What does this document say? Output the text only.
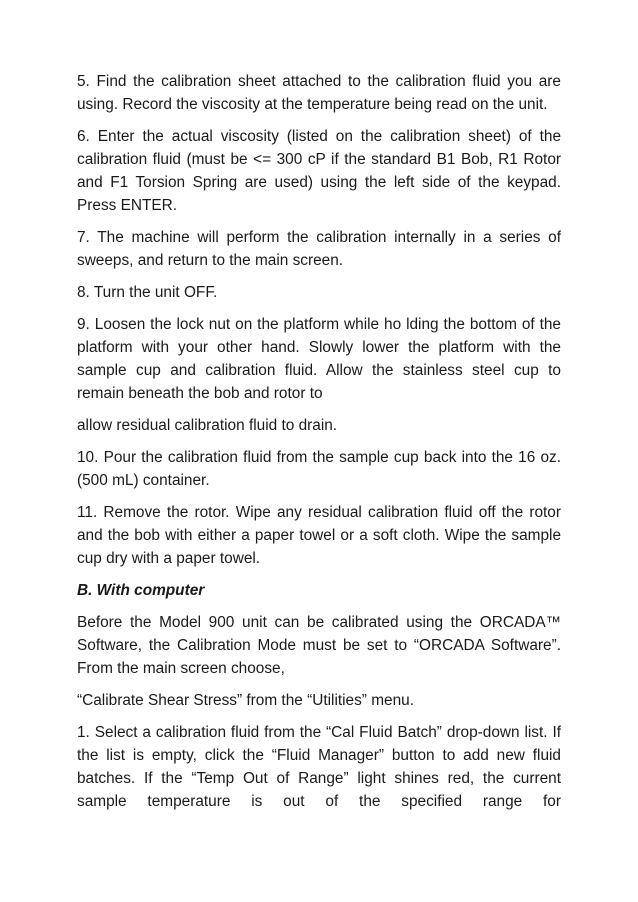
5. Find the calibration sheet attached to the calibration fluid you are using. Record the viscosity at the temperature being read on the unit.

6. Enter the actual viscosity (listed on the calibration sheet) of the calibration fluid (must be <= 300 cP if the standard B1 Bob, R1 Rotor and F1 Torsion Spring are used) using the left side of the keypad. Press ENTER.

7. The machine will perform the calibration internally in a series of sweeps, and return to the main screen.

8. Turn the unit OFF.

9. Loosen the lock nut on the platform while ho lding the bottom of the platform with your other hand. Slowly lower the platform with the sample cup and calibration fluid. Allow the stainless steel cup to remain beneath the bob and rotor to

allow residual calibration fluid to drain.

10. Pour the calibration fluid from the sample cup back into the 16 oz. (500 mL) container.

11. Remove the rotor. Wipe any residual calibration fluid off the rotor and the bob with either a paper towel or a soft cloth. Wipe the sample cup dry with a paper towel.

B. With computer

Before the Model 900 unit can be calibrated using the ORCADA™ Software, the Calibration Mode must be set to “ORCADA Software”. From the main screen choose,

“Calibrate Shear Stress” from the “Utilities” menu.

1. Select a calibration fluid from the “Cal Fluid Batch” drop-down list. If the list is empty, click the “Fluid Manager” button to add new fluid batches. If the “Temp Out of Range” light shines red, the current sample temperature is out of the specified range for
